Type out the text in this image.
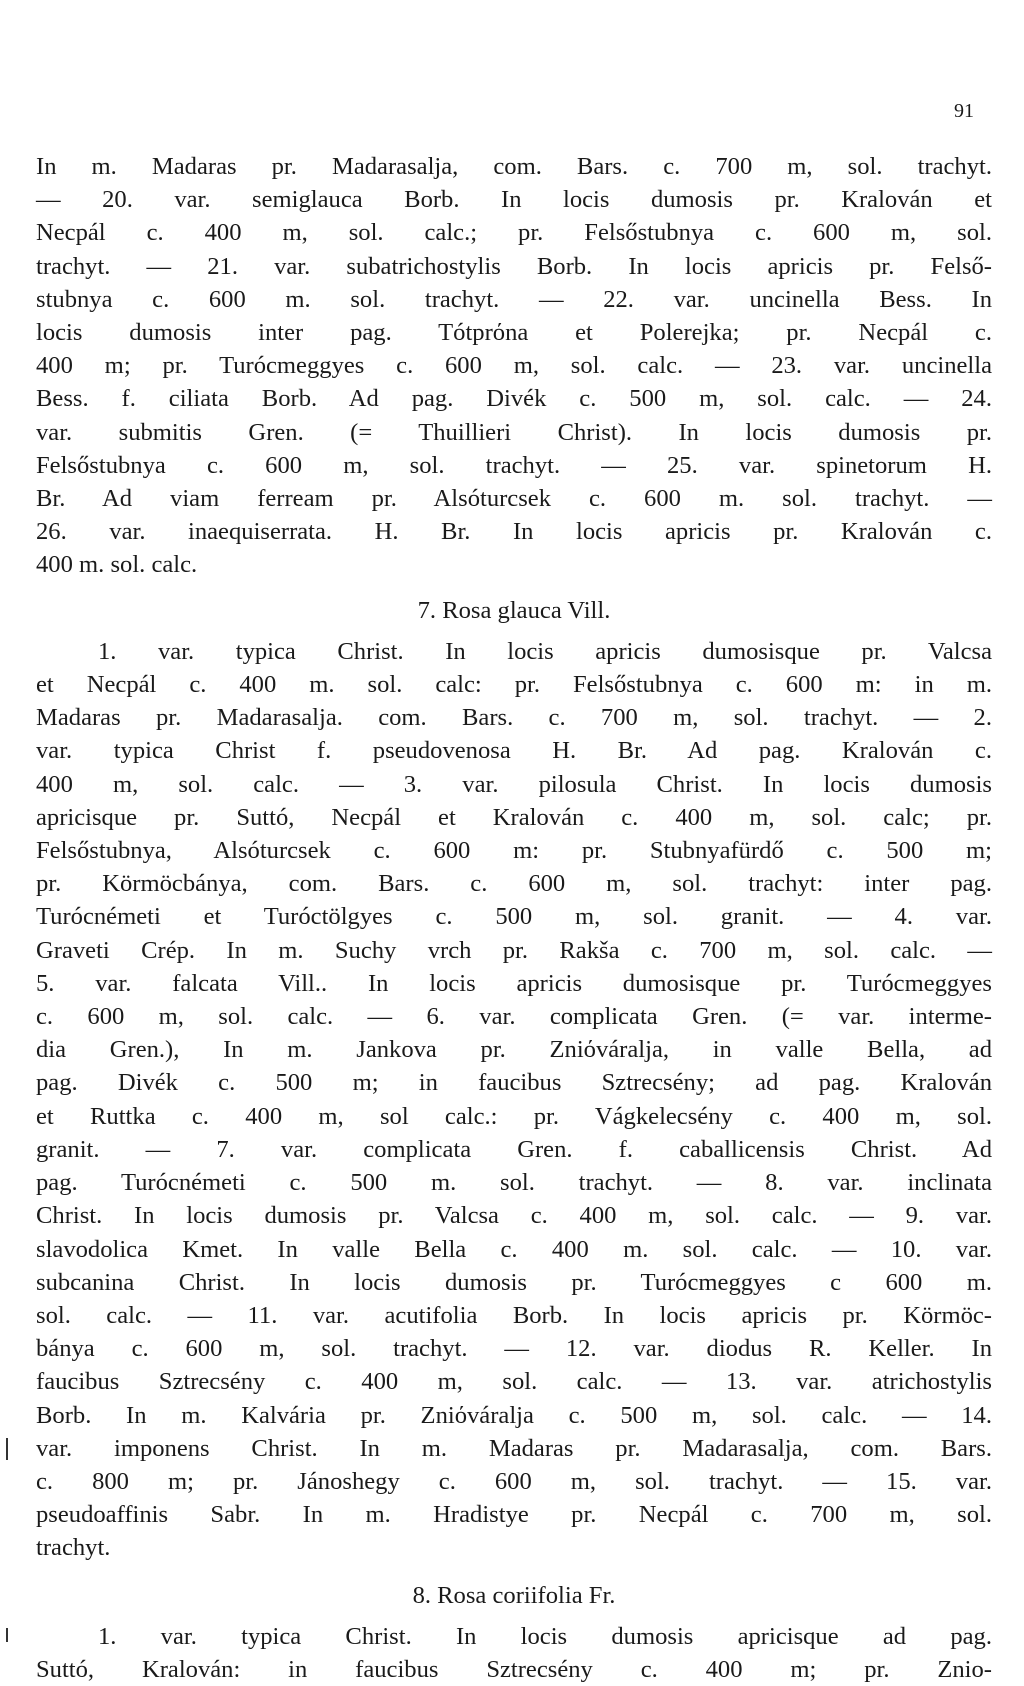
91

In m. Madaras pr. Madarasalja, com. Bars. c. 700 m, sol. trachyt.

— 20. var. semiglauca Borb. In locis dumosis pr. Kralován et

Necpál c. 400 m, sol. calc.; pr. Felsőstubnya c. 600 m, sol.

trachyt. — 21. var. subatrichostylis Borb. In locis apricis pr. Felső-

stubnya c. 600 m. sol. trachyt. — 22. var. uncinella Bess. In

locis dumosis inter pag. Tótprόna et Polerejka; pr. Necpál c.

400 m; pr. Turócmeggyes c. 600 m, sol. calc. — 23. var. uncinella

Bess. f. ciliata Borb. Ad pag. Divék c. 500 m, sol. calc. — 24.

var. submitis Gren. (= Thuillieri Christ). In locis dumosis pr.

Felsőstubnya c. 600 m, sol. trachyt. — 25. var. spinetorum H.

Br. Ad viam ferream pr. Alsóturcsek c. 600 m. sol. trachyt. —

26. var. inaequiserrata. H. Br. In locis apricis pr. Kralován c.

400 m. sol. calc.

7. Rosa glauca Vill.

1. var. typica Christ. In locis apricis dumosisque pr. Valcsa

et Necpál c. 400 m. sol. calc: pr. Felsőstubnya c. 600 m: in m.

Madaras pr. Madarasalja. com. Bars. c. 700 m, sol. trachyt. — 2.

var. typica Christ f. pseudovenosa H. Br. Ad pag. Kralován c.

400 m, sol. calc. — 3. var. pilosula Christ. In locis dumosis

apricisque pr. Suttó, Necpál et Kralován c. 400 m, sol. calc; pr.

Felsőstubnya, Alsóturcsek c. 600 m: pr. Stubnyafürdő c. 500 m;

pr. Körmöcbánya, com. Bars. c. 600 m, sol. trachyt: inter pag.

Turócnémeti et Turóctölgyes c. 500 m, sol. granit. — 4. var.

Graveti Crép. In m. Suchy vrch pr. Rakša c. 700 m, sol. calc. —

5. var. falcata Vill.. In locis apricis dumosisque pr. Turócmeggyes

c. 600 m, sol. calc. — 6. var. complicata Gren. (= var. interme-

dia Gren.), In m. Jankova pr. Zniόváralja, in valle Bella, ad

pag. Divék c. 500 m; in faucibus Sztrecsény; ad pag. Kralován

et Ruttka c. 400 m, sol calc.: pr. Vágkelecsény c. 400 m, sol.

granit. — 7. var. complicata Gren. f. caballicensis Christ. Ad

pag. Turócnémeti c. 500 m. sol. trachyt. — 8. var. inclinata

Christ. In locis dumosis pr. Valcsa c. 400 m, sol. calc. — 9. var.

slavodolica Kmet. In valle Bella c. 400 m. sol. calc. — 10. var.

subcanina Christ. In locis dumosis pr. Turócmeggyes c 600 m.

sol. calc. — 11. var. acutifolia Borb. In locis apricis pr. Körmöc-

bánya c. 600 m, sol. trachyt. — 12. var. diodus R. Keller. In

faucibus Sztrecsény c. 400 m, sol. calc. — 13. var. atrichostylis

Borb. In m. Kalvária pr. Zniόváralja c. 500 m, sol. calc. — 14.

var. imponens Christ. In m. Madaras pr. Madarasalja, com. Bars.

c. 800 m; pr. Jánoshegy c. 600 m, sol. trachyt. — 15. var.

pseudoaffinis Sabr. In m. Hradistye pr. Necpál c. 700 m, sol.

trachyt.

8. Rosa coriifolia Fr.

1. var. typica Christ. In locis dumosis apricisque ad pag.

Suttó, Kralován: in faucibus Sztrecsény c. 400 m; pr. Znio-
